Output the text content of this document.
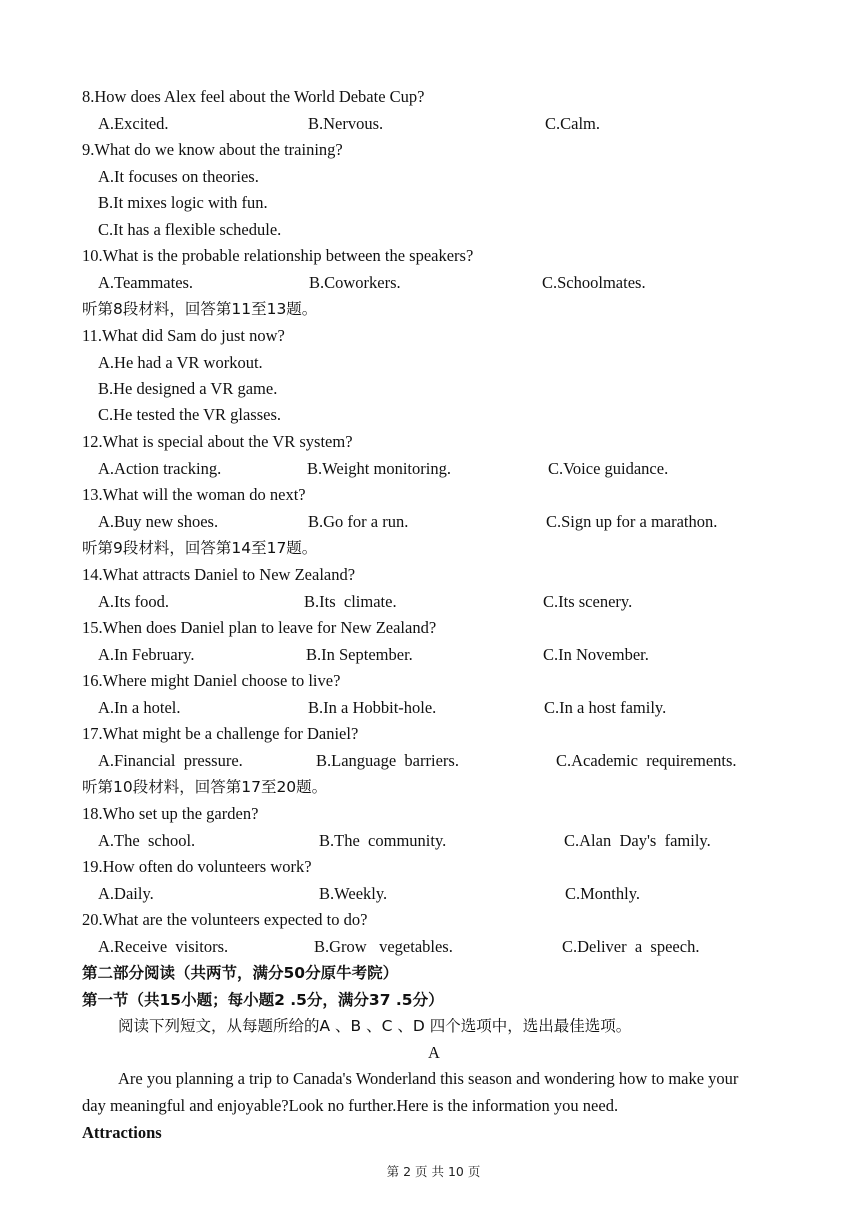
8.How does Alex feel about the World Debate Cup?
A.Excited.	B.Nervous.	C.Calm.
9.What do we know about the training?
A.It focuses on theories.
B.It mixes logic with fun.
C.It has a flexible schedule.
10.What is the probable relationship between the speakers?
A.Teammates.	B.Coworkers.	C.Schoolmates.
听第8段材料，回答第11至13题。
11.What did Sam do just now?
A.He had a VR workout.
B.He designed a VR game.
C.He tested the VR glasses.
12.What is special about the VR system?
A.Action tracking.	B.Weight monitoring.	C.Voice guidance.
13.What will the woman do next?
A.Buy new shoes.	B.Go for a run.	C.Sign up for a marathon.
听第9段材料，回答第14至17题。
14.What attracts Daniel to New Zealand?
A.Its food.	B.Its  climate.	C.Its scenery.
15.When does Daniel plan to leave for New Zealand?
A.In February.	B.In September.	C.In November.
16.Where might Daniel choose to live?
A.In a hotel.	B.In a Hobbit-hole.	C.In a host family.
17.What might be a challenge for Daniel?
A.Financial  pressure.	B.Language  barriers.	C.Academic  requirements.
听第10段材料，回答第17至20题。
18.Who set up the garden?
A.The  school.	B.The  community.	C.Alan  Day's  family.
19.How often do volunteers work?
A.Daily.	B.Weekly.	C.Monthly.
20.What are the volunteers expected to do?
A.Receive  visitors.	B.Grow   vegetables.	C.Deliver  a  speech.
第二部分阅读（共两节，满分50分原牛考院）
第一节（共15小题；每小题2 .5分，满分37 .5分）
阅读下列短文，从每题所给的A 、B 、C 、D 四个选项中，选出最佳选项。
A
Are you planning a trip to Canada's Wonderland this season and wondering how to make your
day meaningful and enjoyable?Look no further.Here is the information you need.
Attractions
第 2 页 共 10 页
